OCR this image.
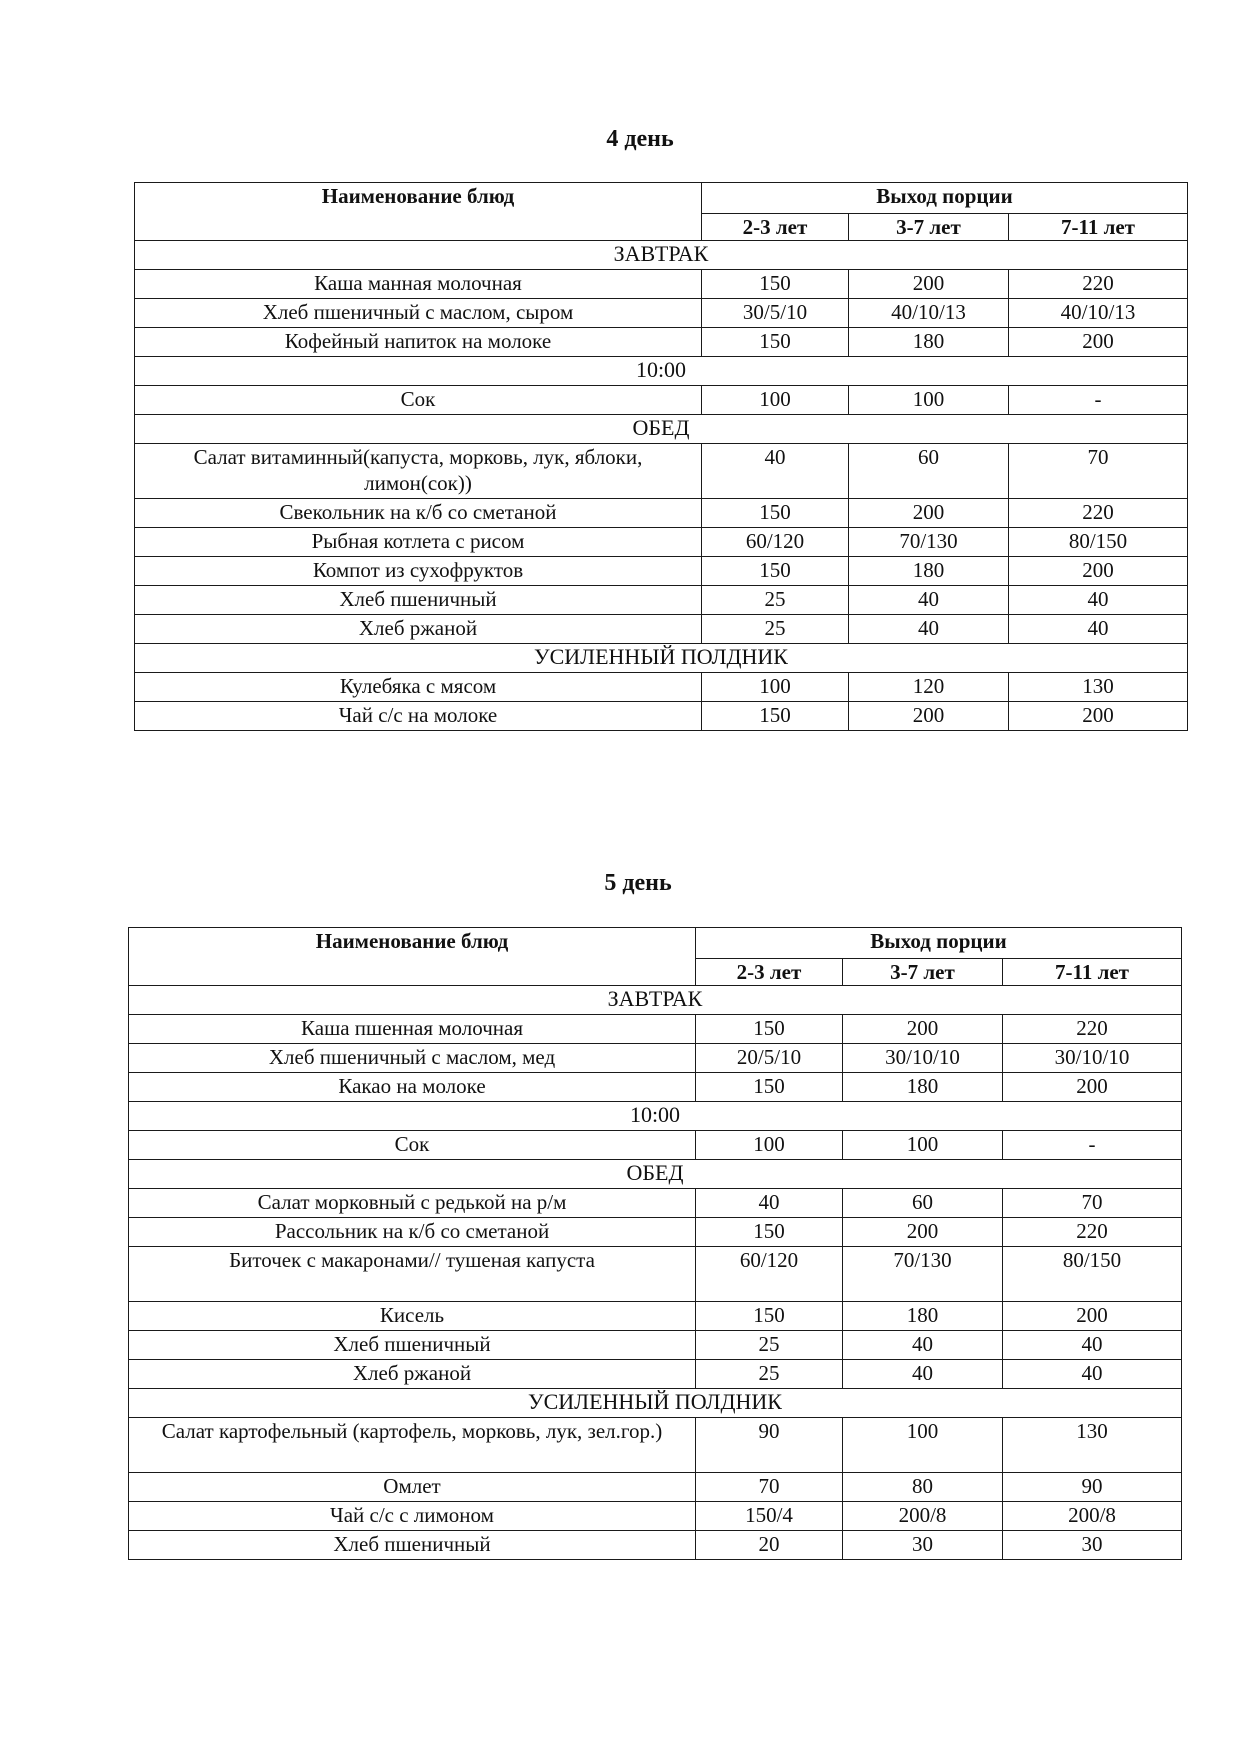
4 день
Наименование блюд	Выход порции		
	2-3 лет	3-7 лет	7-11 лет
ЗАВТРАК			
Каша манная молочная	150	200	220
Хлеб пшеничный с маслом, сыром	30/5/10	40/10/13	40/10/13
Кофейный напиток на молоке	150	180	200
10:00			
Сок	100	100	-
ОБЕД			
Салат витаминный(капуста, морковь, лук, яблоки, лимон(сок))	40	60	70
Свекольник на к/б со сметаной	150	200	220
Рыбная котлета с рисом	60/120	70/130	80/150
Компот из сухофруктов	150	180	200
Хлеб пшеничный	25	40	40
Хлеб ржаной	25	40	40
УСИЛЕННЫЙ ПОЛДНИК			
Кулебяка с мясом	100	120	130
Чай с/с на молоке	150	200	200
5 день
Наименование блюд	Выход порции		
	2-3 лет	3-7 лет	7-11 лет
ЗАВТРАК			
Каша пшенная молочная	150	200	220
Хлеб пшеничный с маслом, мед	20/5/10	30/10/10	30/10/10
Какао на молоке	150	180	200
10:00			
Сок	100	100	-
ОБЕД			
Салат морковный с редькой на р/м	40	60	70
Рассольник на к/б со сметаной	150	200	220
Биточек с макаронами// тушеная капуста	60/120	70/130	80/150
Кисель	150	180	200
Хлеб пшеничный	25	40	40
Хлеб ржаной	25	40	40
УСИЛЕННЫЙ ПОЛДНИК			
Салат картофельный (картофель, морковь, лук, зел.гор.)	90	100	130
Омлет	70	80	90
Чай с/с с лимоном	150/4	200/8	200/8
Хлеб пшеничный	20	30	30
